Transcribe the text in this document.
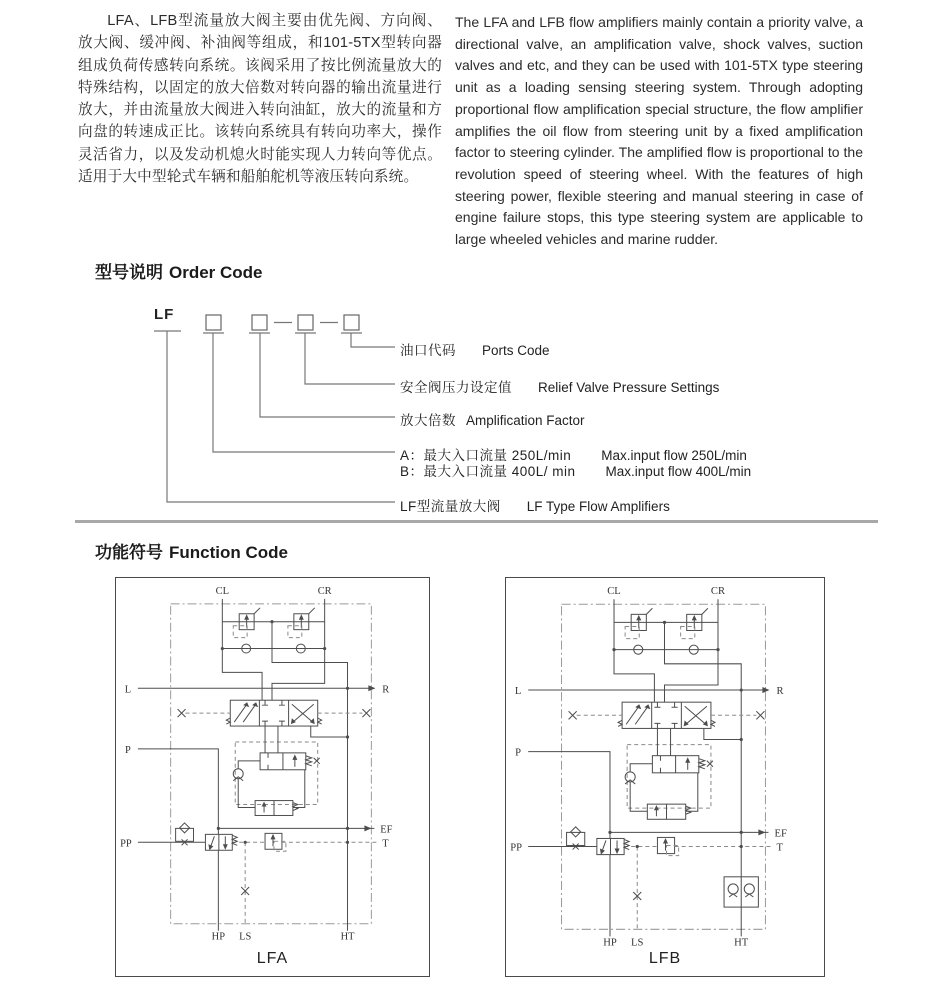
LFA、LFB型流量放大阀主要由优先阀、方向阀、放大阀、缓冲阀、补油阀等组成，和101-5TX型转向器组成负荷传感转向系统。该阀采用了按比例流量放大的特殊结构，以固定的放大倍数对转向器的输出流量进行放大，并由流量放大阀进入转向油缸，放大的流量和方向盘的转速成正比。该转向系统具有转向功率大，操作灵活省力，以及发动机熄火时能实现人力转向等优点。适用于大中型轮式车辆和船舶舵机等液压转向系统。

The LFA and LFB flow amplifiers mainly contain a priority valve, a directional valve, an amplification valve, shock valves, suction valves and etc, and they can be used with 101-5TX type steering unit as a loading sensing steering system. Through adopting proportional flow amplification special structure, the flow amplifier amplifies the oil flow from steering unit by a fixed amplification factor to steering cylinder. The amplified flow is proportional to the revolution speed of steering wheel. With the features of high steering power, flexible steering and manual steering in case of engine failure stops, this type steering system are applicable to large wheeled vehicles and marine rudder.

型号说明 Order Code
LF
油口代码 Ports Code
安全阀压力设定值 Relief Valve Pressure Settings
放大倍数 Amplification Factor
A：最大入口流量 250L/min Max.input flow 250L/min
B：最大入口流量 400L/ min Max.input flow 400L/min
LF型流量放大阀 LF Type Flow Amplifiers
功能符号 Function Code
CL	CR
L	R
P
PP
EF
T
HP LS	HT
LFA
CL	CR
L	R
P
PP
EF
T
HP LS	HT
LFB
